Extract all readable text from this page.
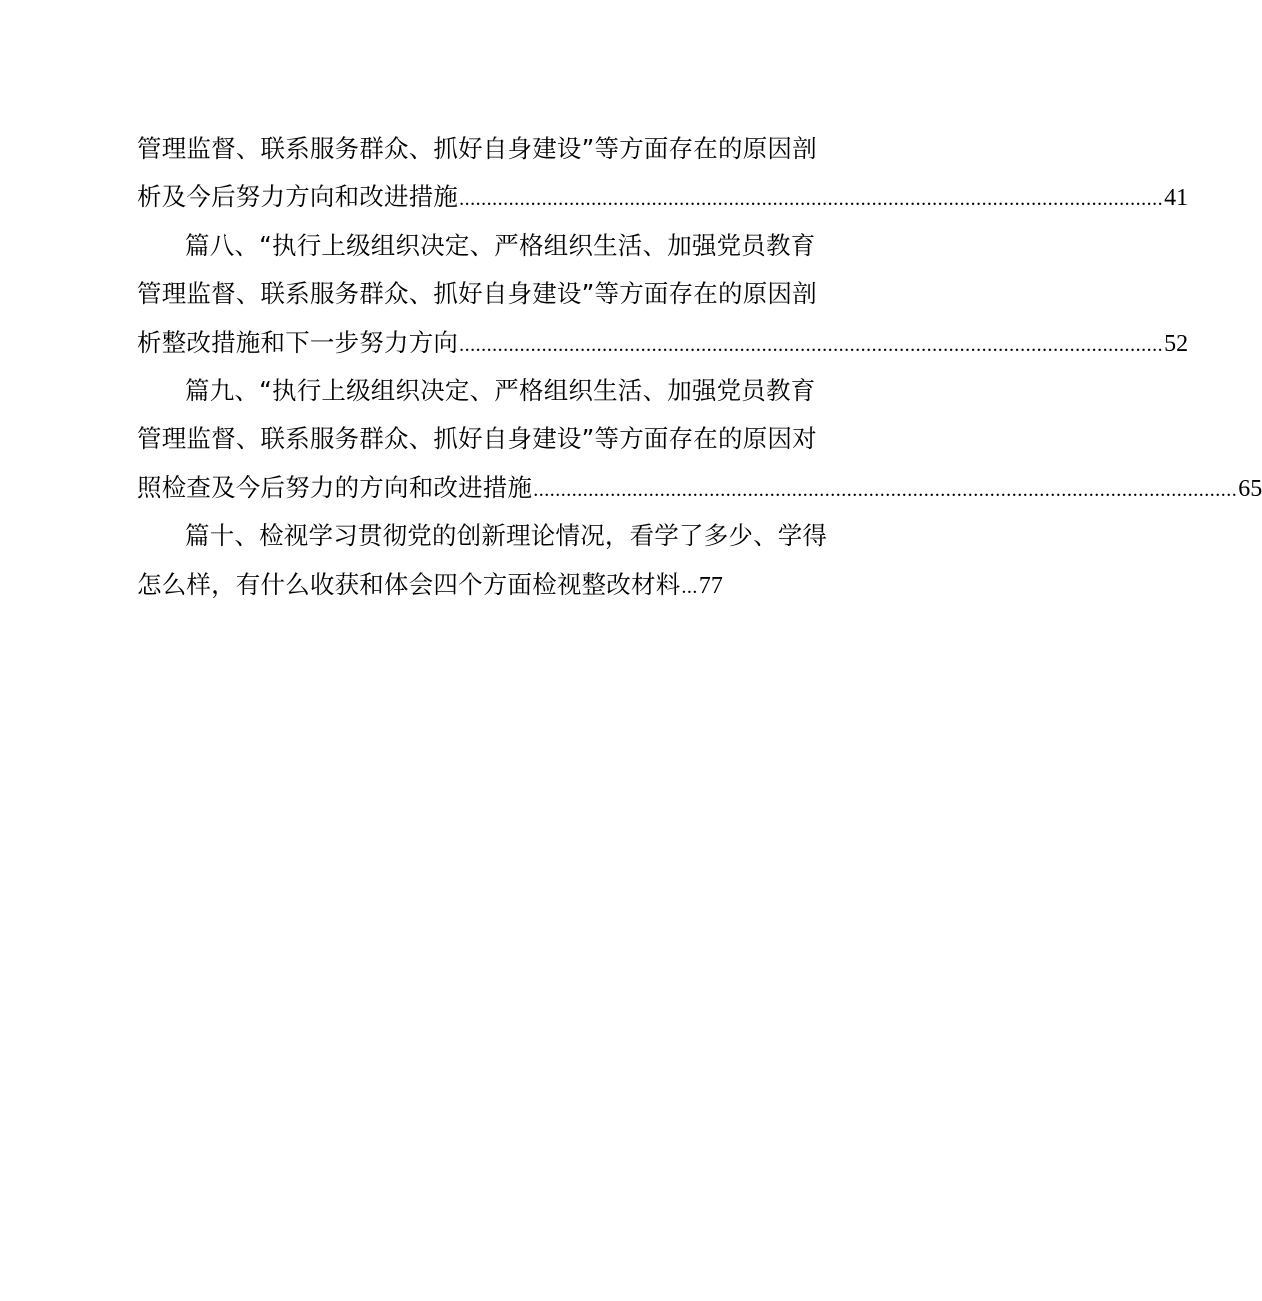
管理监督、联系服务群众、抓好自身建设”等方面存在的原因剖
析及今后努力方向和改进措施 ................................................................................................................................ 41
篇八、“执行上级组织决定、严格组织生活、加强党员教育
管理监督、联系服务群众、抓好自身建设”等方面存在的原因剖
析整改措施和下一步努力方向 ................................................................................................................................ 52
篇九、“执行上级组织决定、严格组织生活、加强党员教育
管理监督、联系服务群众、抓好自身建设”等方面存在的原因对
照检查及今后努力的方向和改进措施 ................................................................................................................................ 65
篇十、检视学习贯彻党的创新理论情况，看学了多少、学得
怎么样，有什么收获和体会四个方面检视整改材料 ... 77
